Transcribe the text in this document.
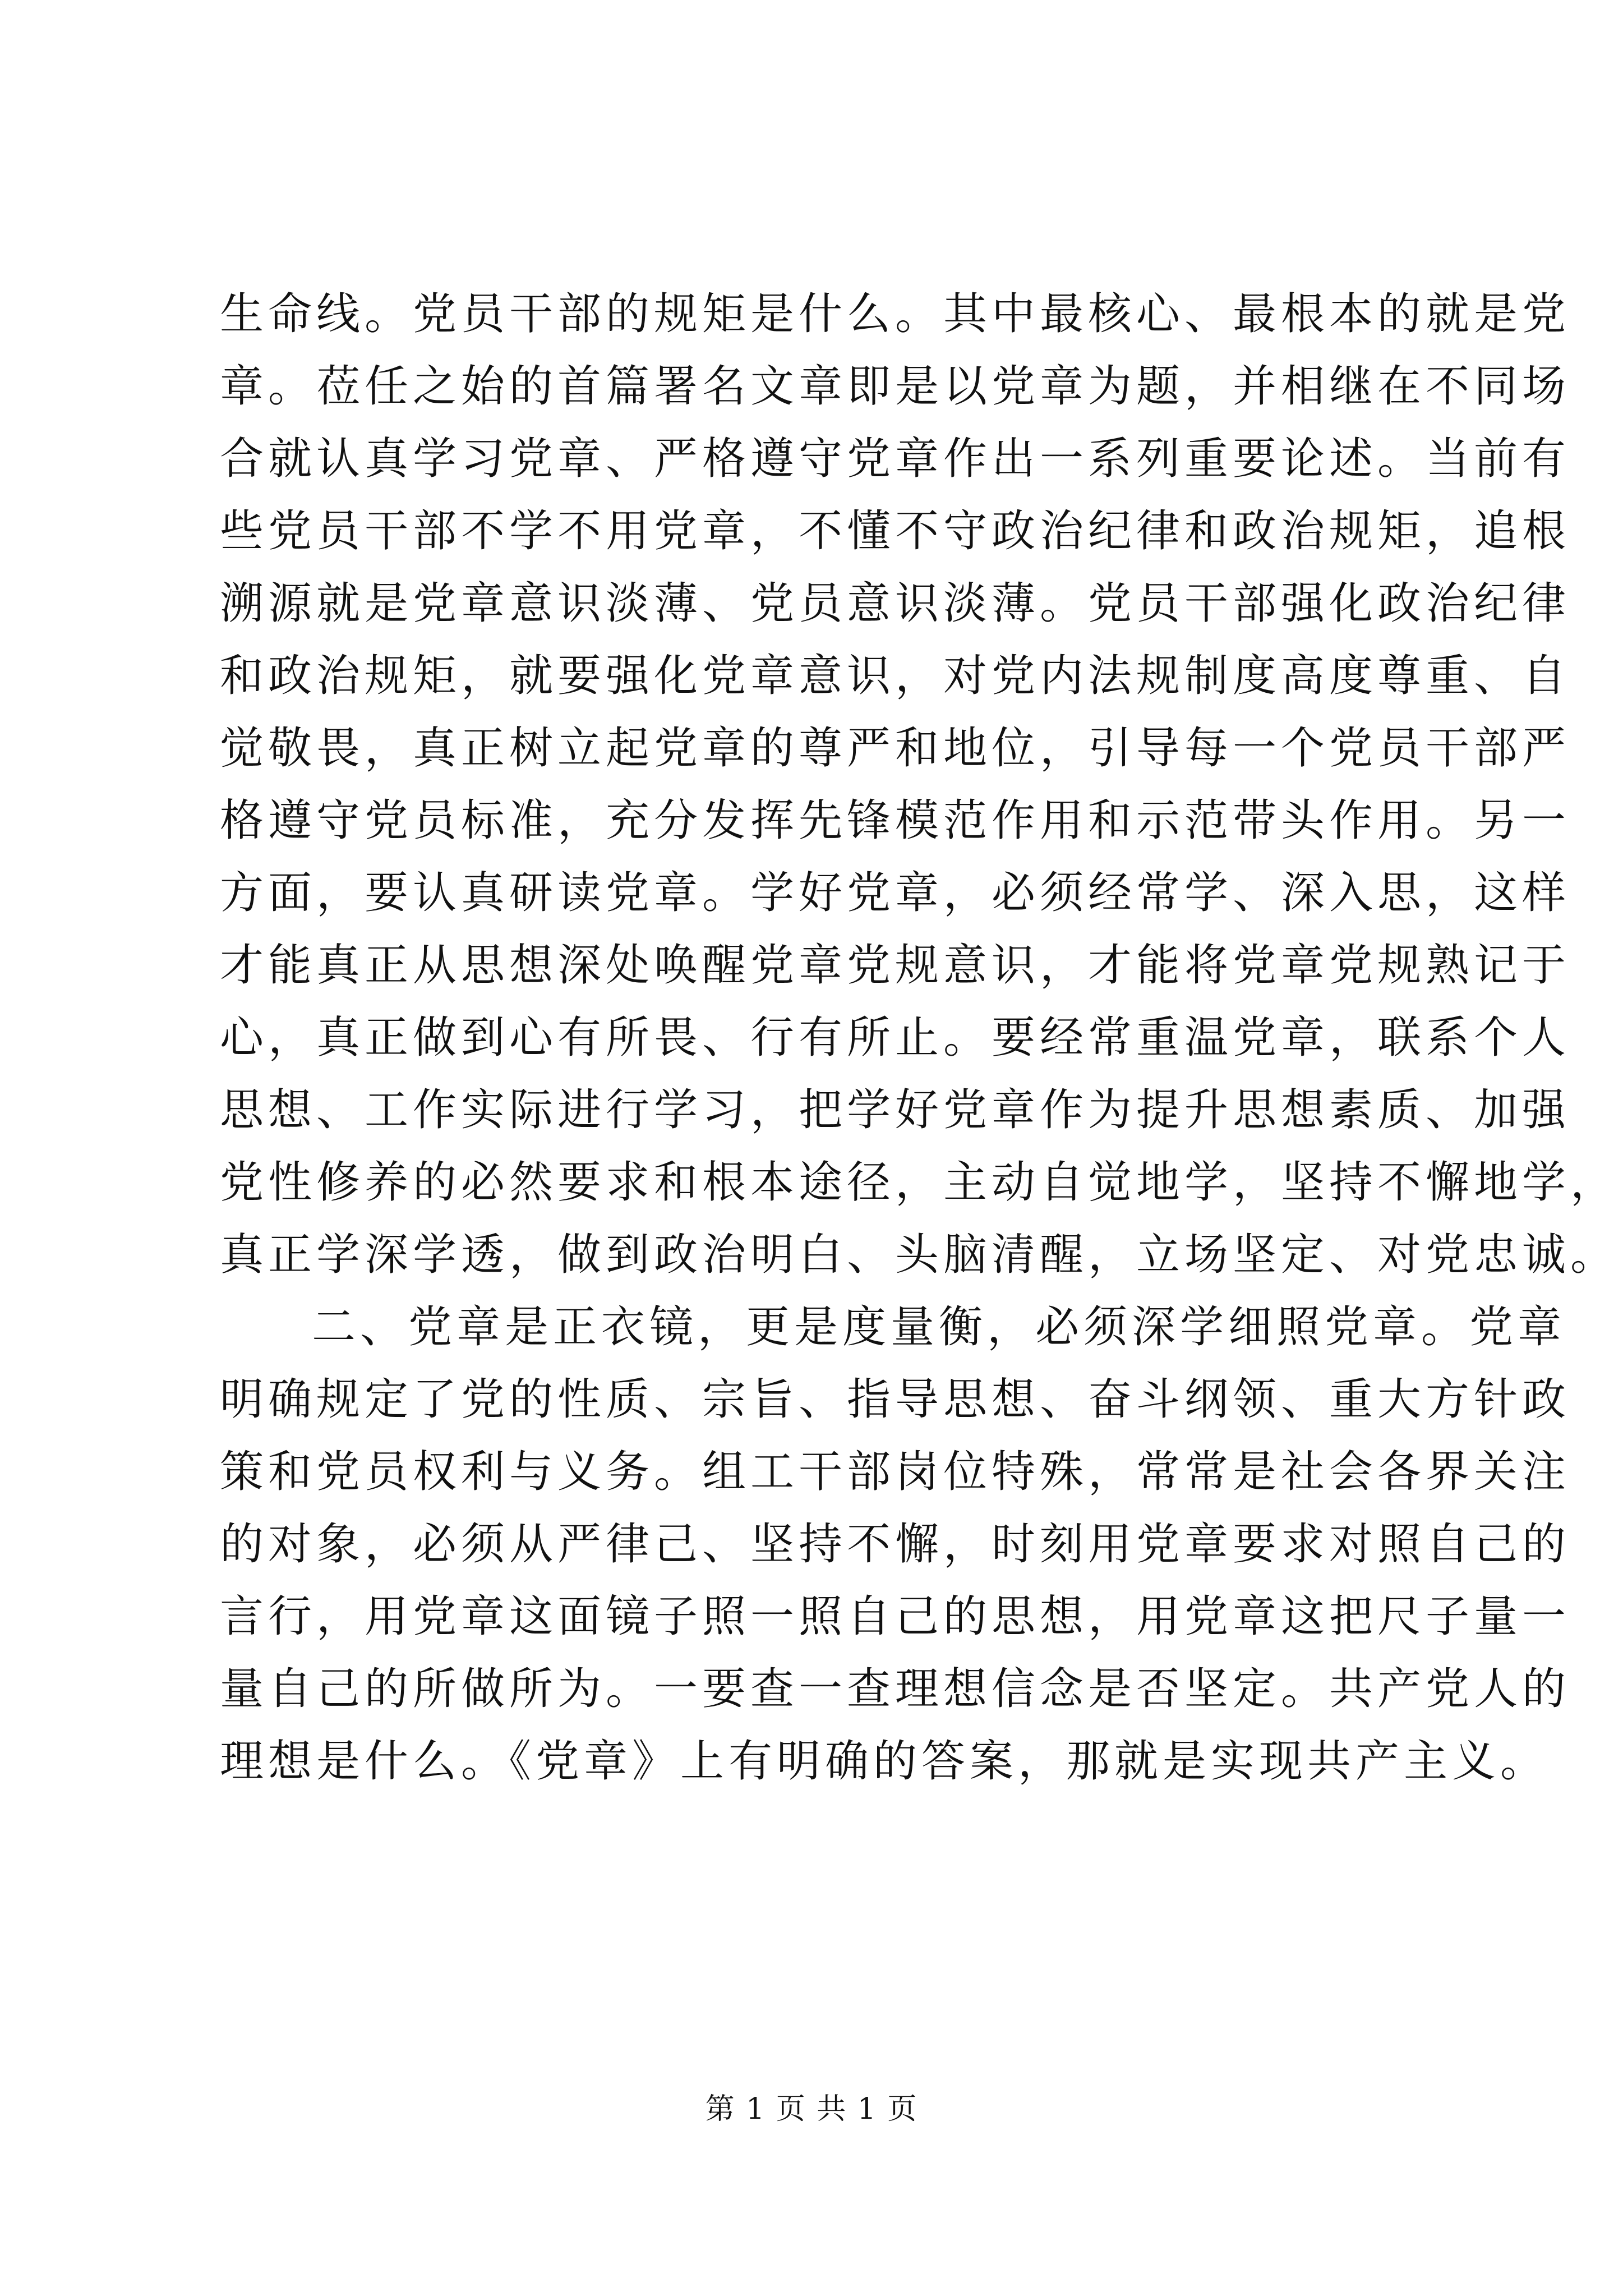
生命线。党员干部的规矩是什么。其中最核心、最根本的就是党
章。莅任之始的首篇署名文章即是以党章为题，并相继在不同场
合就认真学习党章、严格遵守党章作出一系列重要论述。当前有
些党员干部不学不用党章，不懂不守政治纪律和政治规矩，追根
溯源就是党章意识淡薄、党员意识淡薄。党员干部强化政治纪律
和政治规矩，就要强化党章意识，对党内法规制度高度尊重、自
觉敬畏，真正树立起党章的尊严和地位，引导每一个党员干部严
格遵守党员标准，充分发挥先锋模范作用和示范带头作用。另一
方面，要认真研读党章。学好党章，必须经常学、深入思，这样
才能真正从思想深处唤醒党章党规意识，才能将党章党规熟记于
心，真正做到心有所畏、行有所止。要经常重温党章，联系个人
思想、工作实际进行学习，把学好党章作为提升思想素质、加强
党性修养的必然要求和根本途径，主动自觉地学，坚持不懈地学，
真正学深学透，做到政治明白、头脑清醒，立场坚定、对党忠诚。
二、党章是正衣镜，更是度量衡，必须深学细照党章。党章
明确规定了党的性质、宗旨、指导思想、奋斗纲领、重大方针政
策和党员权利与义务。组工干部岗位特殊，常常是社会各界关注
的对象，必须从严律己、坚持不懈，时刻用党章要求对照自己的
言行，用党章这面镜子照一照自己的思想，用党章这把尺子量一
量自己的所做所为。一要查一查理想信念是否坚定。共产党人的
理想是什么。《党章》上有明确的答案，那就是实现共产主义。
第 1 页 共 1 页
